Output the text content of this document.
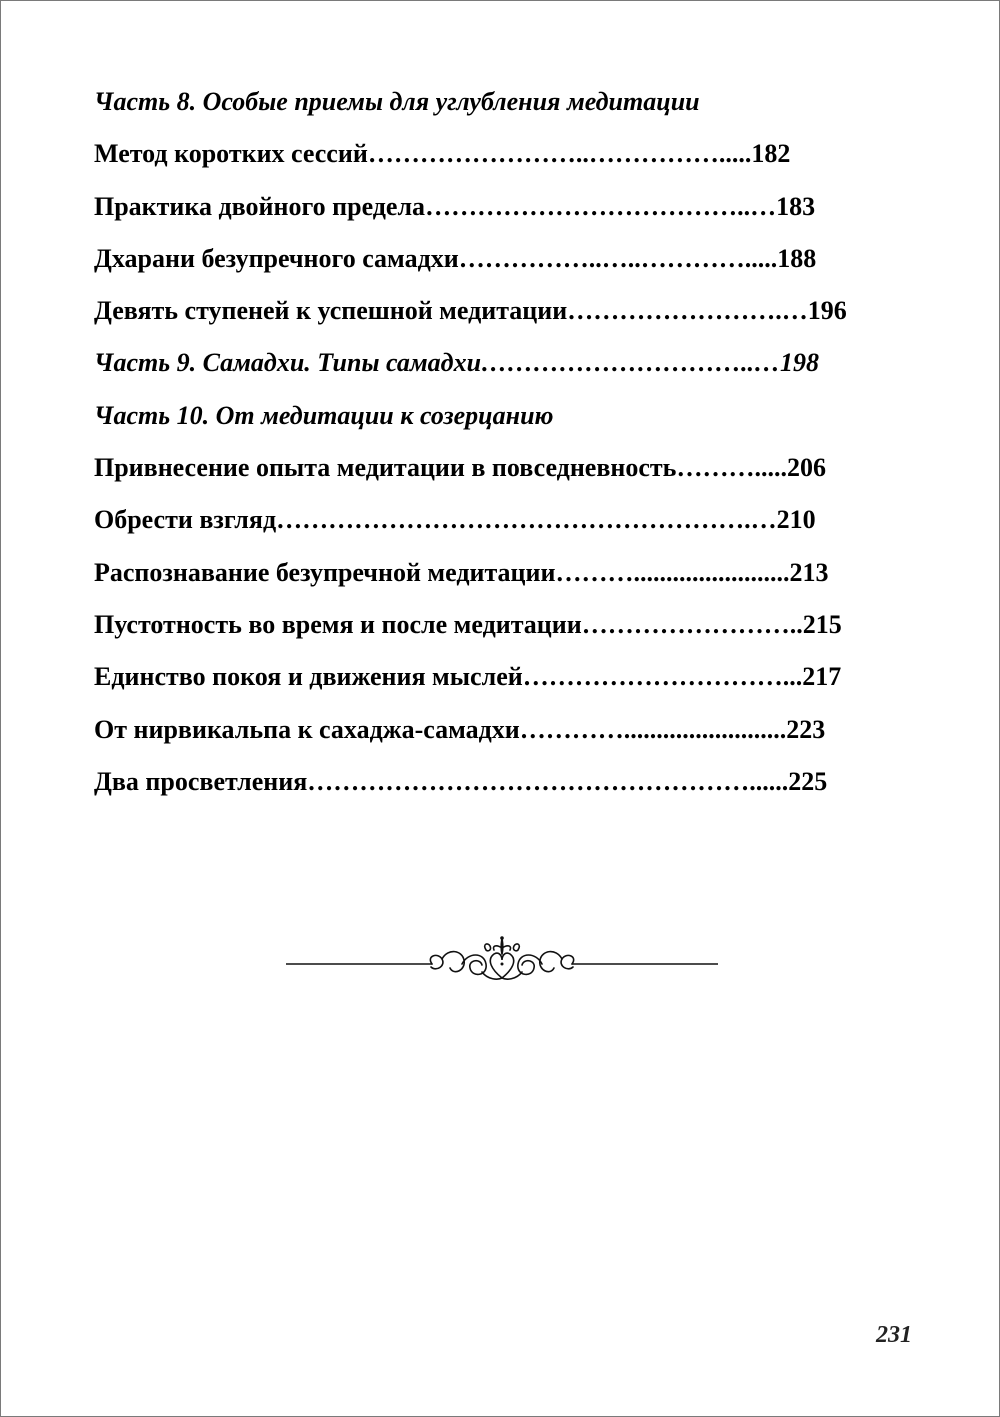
Часть 8. Особые приемы для углубления медитации
Метод коротких сессий……………………..…………….....182
Практика двойного предела………………………………..…183
Дхарани безупречного самадхи……………..…..………….....188
Девять ступеней к успешной медитации…………………….…196
Часть 9. Самадхи. Типы самадхи…………………………..…198
Часть 10. От медитации к созерцанию
Привнесение опыта медитации в повседневность……….....206
Обрести взгляд……………………………………………….…210
Распознавание безупречной медитации………........................213
Пустотность во время и после медитации……………………..215
Единство покоя и движения мыслей…………………………...217
От нирвикальпа к сахаджа-самадхи………….........................223
Два просветления……………………………………………......225
231
